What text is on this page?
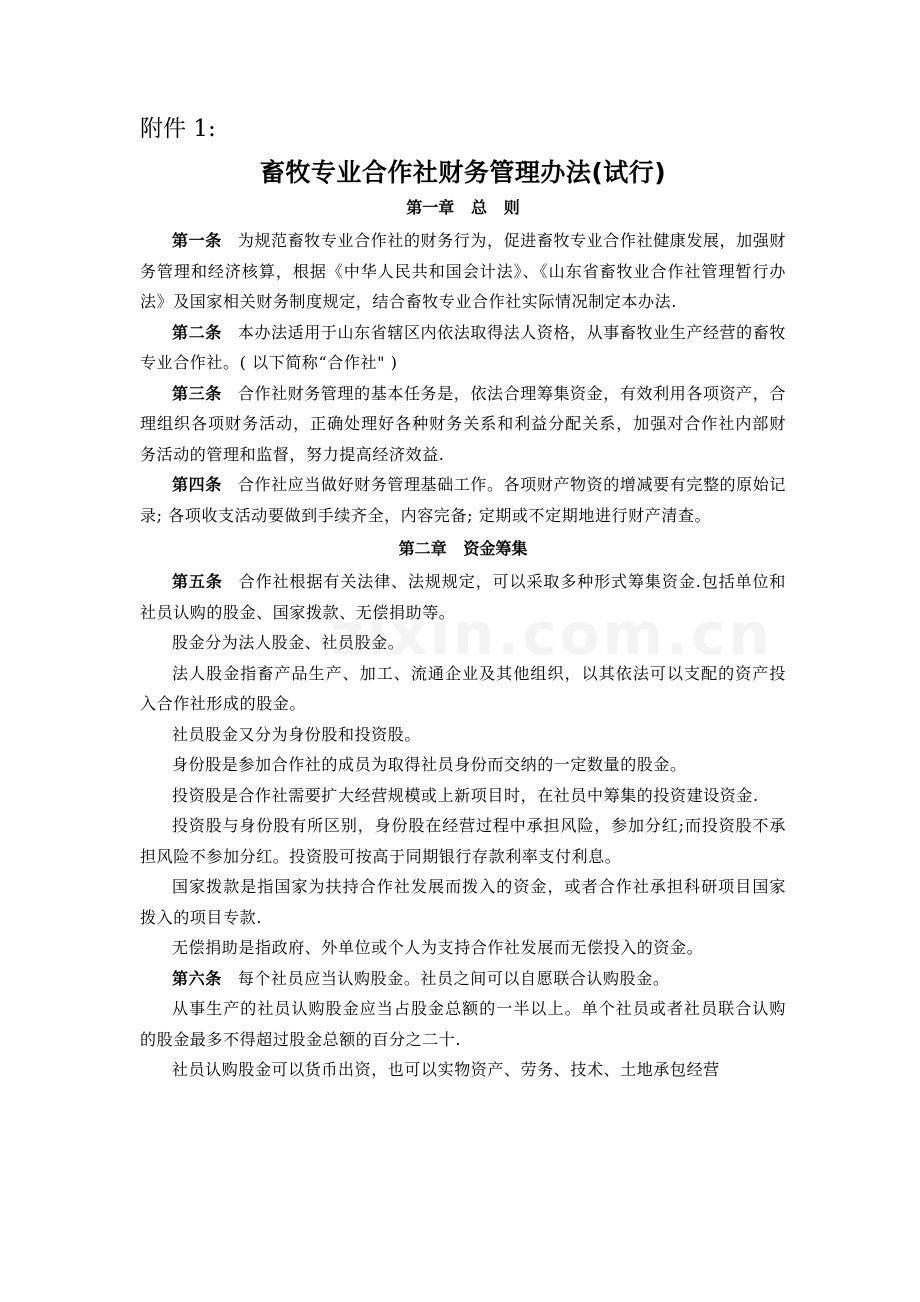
附件 1:

畜牧专业合作社财务管理办法(试行)
第一章   总   则

第一条 为规范畜牧专业合作社的财务行为，促进畜牧专业合作社健康发展，加强财务管理和经济核算，根据《中华人民共和国会计法》、《山东省畜牧业合作社管理暂行办法》及国家相关财务制度规定，结合畜牧专业合作社实际情况制定本办法.

第二条 本办法适用于山东省辖区内依法取得法人资格，从事畜牧业生产经营的畜牧专业合作社。( 以下简称“合作社" )

第三条 合作社财务管理的基本任务是，依法合理筹集资金，有效利用各项资产，合理组织各项财务活动，正确处理好各种财务关系和利益分配关系，加强对合作社内部财务活动的管理和监督，努力提高经济效益.

第四条 合作社应当做好财务管理基础工作。各项财产物资的增减要有完整的原始记录; 各项收支活动要做到手续齐全，内容完备; 定期或不定期地进行财产清查。

第二章   资金筹集

第五条 合作社根据有关法律、法规规定，可以采取多种形式筹集资金.包括单位和社员认购的股金、国家拨款、无偿捐助等。

股金分为法人股金、社员股金。

法人股金指畜产品生产、加工、流通企业及其他组织，以其依法可以支配的资产投入合作社形成的股金。

社员股金又分为身份股和投资股。

身份股是参加合作社的成员为取得社员身份而交纳的一定数量的股金。

投资股是合作社需要扩大经营规模或上新项目时，在社员中筹集的投资建设资金.

投资股与身份股有所区别，身份股在经营过程中承担风险，参加分红;而投资股不承担风险不参加分红。投资股可按高于同期银行存款利率支付利息。

国家拨款是指国家为扶持合作社发展而拨入的资金，或者合作社承担科研项目国家拨入的项目专款.

无偿捐助是指政府、外单位或个人为支持合作社发展而无偿投入的资金。

第六条 每个社员应当认购股金。社员之间可以自愿联合认购股金。

从事生产的社员认购股金应当占股金总额的一半以上。单个社员或者社员联合认购的股金最多不得超过股金总额的百分之二十.

社员认购股金可以货币出资，也可以实物资产、劳务、技术、土地承包经营
